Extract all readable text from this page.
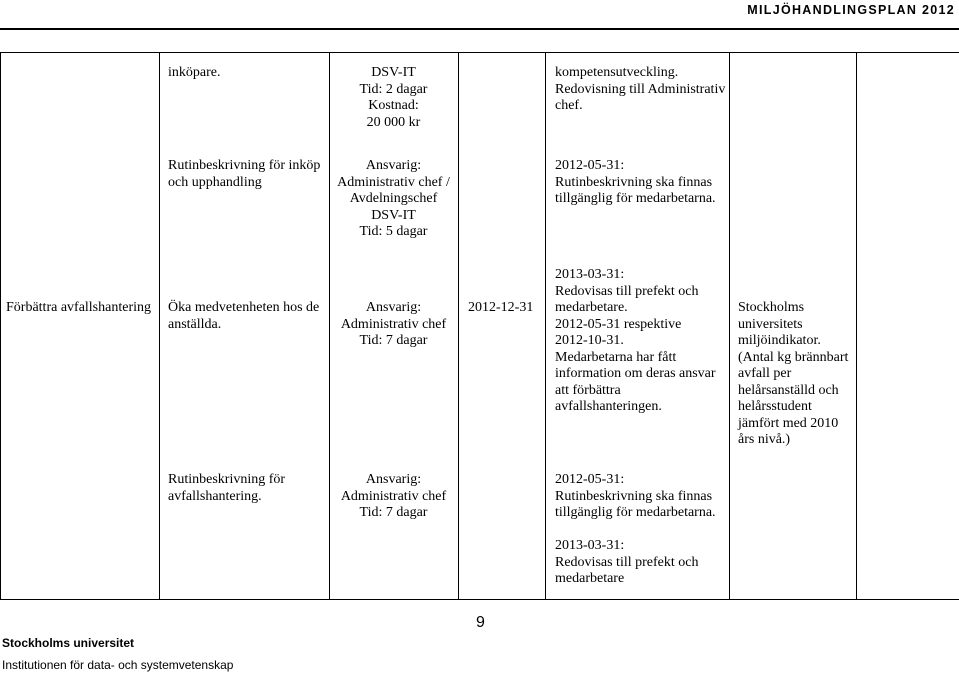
MILJÖHANDLINGSPLAN 2012
inköpare.	DSV-IT
Tid: 2 dagar
Kostnad:
20 000 kr
kompetensutveckling.
Redovisning till Administrativ
chef.
Rutinbeskrivning för inköp
och upphandling
Ansvarig:
Administrativ chef /
Avdelningschef
DSV-IT
Tid: 5 dagar
2012-05-31:
Rutinbeskrivning ska finnas
tillgänglig för medarbetarna.
Förbättra avfallshantering Öka medvetenheten hos de
anställda.
Ansvarig:
Administrativ chef
Tid: 7 dagar
2012-12-31
2013-03-31:
Redovisas till prefekt och
medarbetare.
2012-05-31 respektive
2012-10-31.
Medarbetarna har fått
information om deras ansvar
att förbättra
avfallshanteringen.
Stockholms
universitets
miljöindikator.
(Antal kg brännbart
avfall per
helårsanställd och
helårsstudent
jämfört med 2010
års nivå.)
Rutinbeskrivning för
avfallshantering.
Ansvarig:
Administrativ chef
Tid: 7 dagar
2012-05-31:
Rutinbeskrivning ska finnas
tillgänglig för medarbetarna.
2013-03-31:
Redovisas till prefekt och
medarbetare
9
Stockholms universitet
Institutionen för data- och systemvetenskap
